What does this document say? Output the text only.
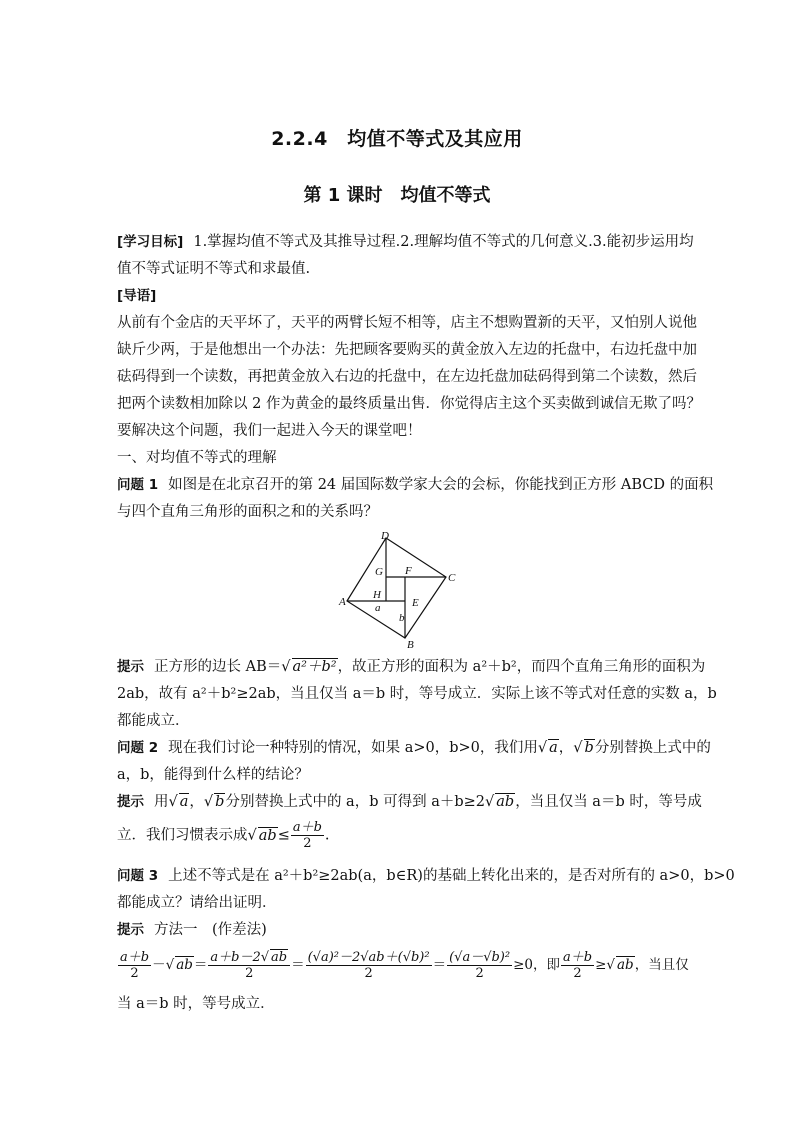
2.2.4　均值不等式及其应用
第 1 课时　均值不等式
[学习目标] 1.掌握均值不等式及其推导过程.2.理解均值不等式的几何意义.3.能初步运用均
值不等式证明不等式和求最值.
[导语]
从前有个金店的天平坏了，天平的两臂长短不相等，店主不想购置新的天平，又怕别人说他
缺斤少两，于是他想出一个办法：先把顾客要购买的黄金放入左边的托盘中，右边托盘中加
砝码得到一个读数，再把黄金放入右边的托盘中，在左边托盘加砝码得到第二个读数，然后
把两个读数相加除以 2 作为黄金的最终质量出售．你觉得店主这个买卖做到诚信无欺了吗？
要解决这个问题，我们一起进入今天的课堂吧！
一、对均值不等式的理解
问题 1 如图是在北京召开的第 24 届国际数学家大会的会标，你能找到正方形 ABCD 的面积
与四个直角三角形的面积之和的关系吗？
D
C
A
B
G F
H
E
a
b
提示 正方形的边长 AB＝√ a²＋b²，故正方形的面积为 a²＋b²，而四个直角三角形的面积为
2ab，故有 a²＋b²≥2ab，当且仅当 a＝b 时，等号成立．实际上该不等式对任意的实数 a，b
都能成立．
问题 2 现在我们讨论一种特别的情况，如果 a>0，b>0，我们用√ a，√ b分别替换上式中的
a，b，能得到什么样的结论？
提示 用√ a，√ b分别替换上式中的 a，b 可得到 a＋b≥2√ ab，当且仅当 a＝b 时，等号成
立．我们习惯表示成√ $ab\le \frac{a+b}{2}$ .
问题 3 上述不等式是在 a²＋b²≥2ab(a，b∈R)的基础上转化出来的，是否对所有的 a>0，b>0
都能成立？请给出证明．
提示 方法一　(作差法)
$\frac{a+b}{2}$ －√ $ab= \frac{a+b-2√ ab}{2} = \frac{\text{(√a)²－2√ab＋(√b)²}}{2} = \frac{\text{(√a－√b)²}}{2} \ge 0$，即 $\frac{a+b}{2}$ ≥√ ab，当且仅
当 a＝b 时，等号成立．
